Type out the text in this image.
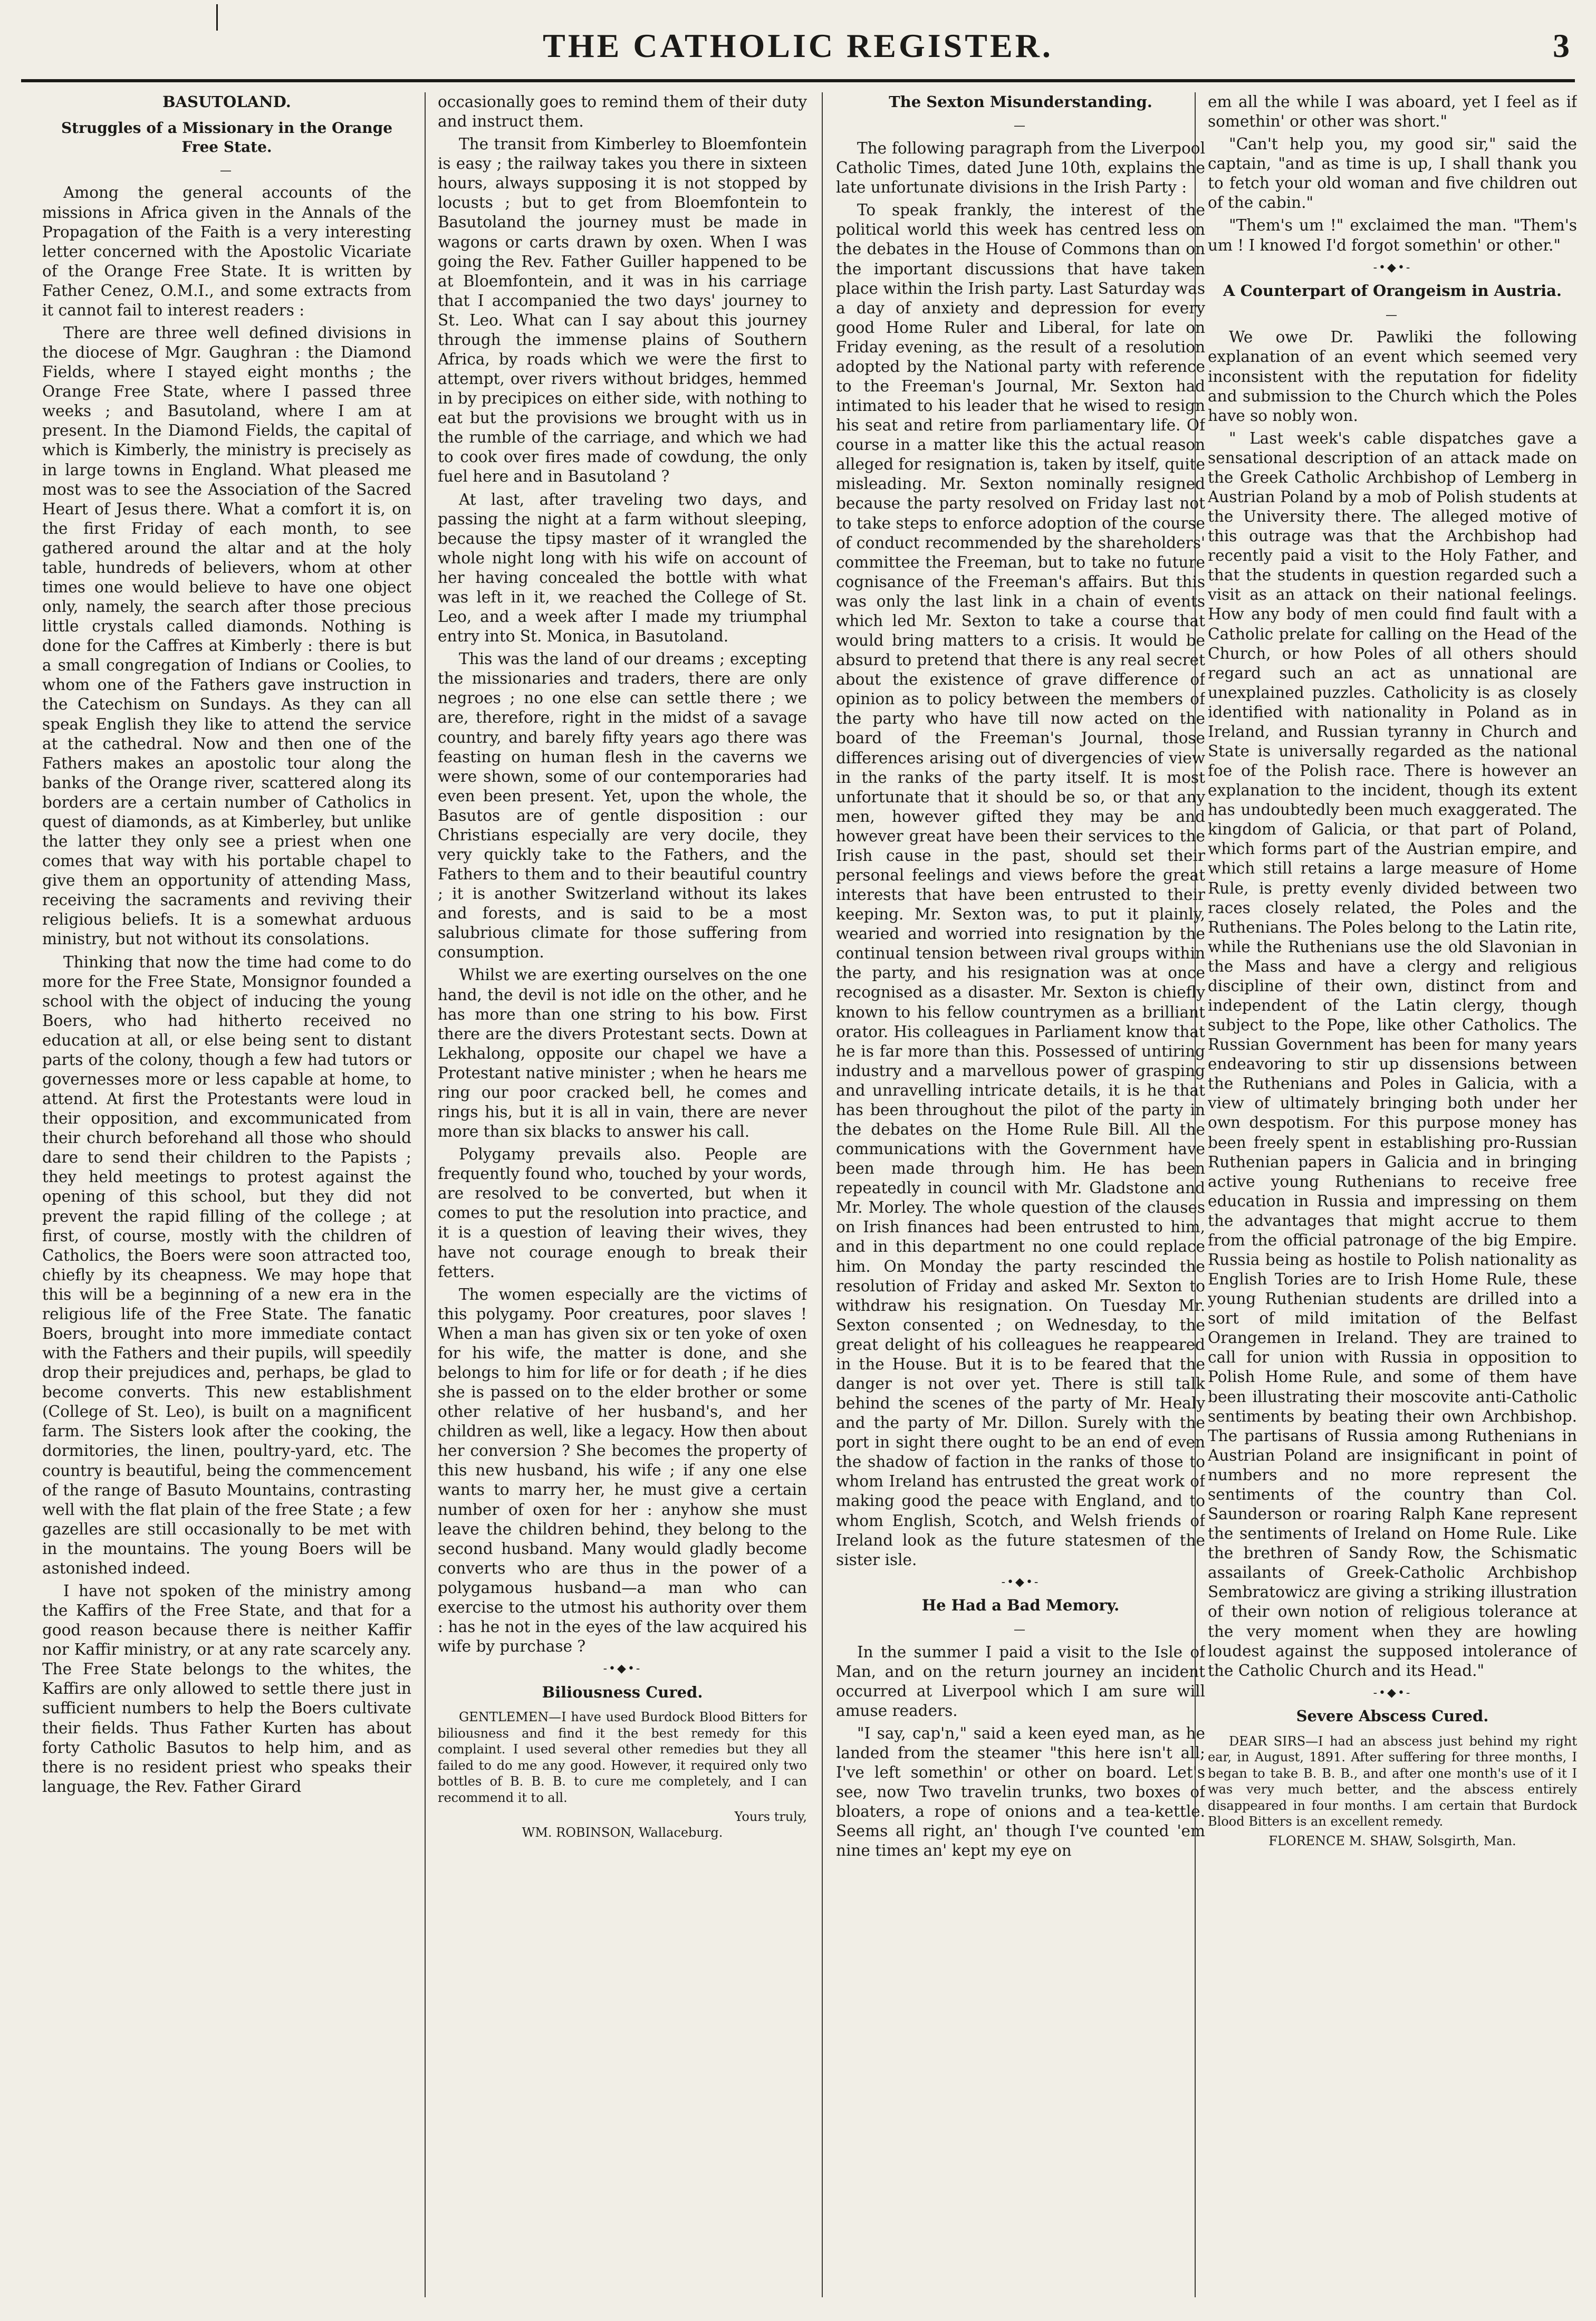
THE CATHOLIC REGISTER.	3
BASUTOLAND.
Struggles of a Missionary in the Orange Free State.
—

Among the general accounts of the missions in Africa given in the Annals of the Propagation of the Faith is a very interesting letter concerned with the Apostolic Vicariate of the Orange Free State. It is written by Father Cenez, O.M.I., and some extracts from it cannot fail to interest readers :

There are three well defined divisions in the diocese of Mgr. Gaughran : the Diamond Fields, where I stayed eight months ; the Orange Free State, where I passed three weeks ; and Basutoland, where I am at present. In the Diamond Fields, the capital of which is Kimberly, the ministry is precisely as in large towns in England. What pleased me most was to see the Association of the Sacred Heart of Jesus there. What a comfort it is, on the first Friday of each month, to see gathered around the altar and at the holy table, hundreds of believers, whom at other times one would believe to have one object only, namely, the search after those precious little crystals called diamonds. Nothing is done for the Caffres at Kimberly : there is but a small congregation of Indians or Coolies, to whom one of the Fathers gave instruction in the Catechism on Sundays. As they can all speak English they like to attend the service at the cathedral. Now and then one of the Fathers makes an apostolic tour along the banks of the Orange river, scattered along its borders are a certain number of Catholics in quest of diamonds, as at Kimberley, but unlike the latter they only see a priest when one comes that way with his portable chapel to give them an opportunity of attending Mass, receiving the sacraments and reviving their religious beliefs. It is a somewhat arduous ministry, but not without its consolations.

Thinking that now the time had come to do more for the Free State, Monsignor founded a school with the object of inducing the young Boers, who had hitherto received no education at all, or else being sent to distant parts of the colony, though a few had tutors or governesses more or less capable at home, to attend. At first the Protestants were loud in their opposition, and excommunicated from their church beforehand all those who should dare to send their children to the Papists ; they held meetings to protest against the opening of this school, but they did not prevent the rapid filling of the college ; at first, of course, mostly with the children of Catholics, the Boers were soon attracted too, chiefly by its cheapness. We may hope that this will be a beginning of a new era in the religious life of the Free State. The fanatic Boers, brought into more immediate contact with the Fathers and their pupils, will speedily drop their prejudices and, perhaps, be glad to become converts. This new establishment (College of St. Leo), is built on a magnificent farm. The Sisters look after the cooking, the dormitories, the linen, poultry-yard, etc. The country is beautiful, being the commencement of the range of Basuto Mountains, contrasting well with the flat plain of the free State ; a few gazelles are still occasionally to be met with in the mountains. The young Boers will be astonished indeed.

I have not spoken of the ministry among the Kaffirs of the Free State, and that for a good reason because there is neither Kaffir nor Kaffir ministry, or at any rate scarcely any. The Free State belongs to the whites, the Kaffirs are only allowed to settle there just in sufficient numbers to help the Boers cultivate their fields. Thus Father Kurten has about forty Catholic Basutos to help him, and as there is no resident priest who speaks their language, the Rev. Father Girard

occasionally goes to remind them of their duty and instruct them.

The transit from Kimberley to Bloemfontein is easy ; the railway takes you there in sixteen hours, always supposing it is not stopped by locusts ; but to get from Bloemfontein to Basutoland the journey must be made in wagons or carts drawn by oxen. When I was going the Rev. Father Guiller happened to be at Bloemfontein, and it was in his carriage that I accompanied the two days' journey to St. Leo. What can I say about this journey through the immense plains of Southern Africa, by roads which we were the first to attempt, over rivers without bridges, hemmed in by precipices on either side, with nothing to eat but the provisions we brought with us in the rumble of the carriage, and which we had to cook over fires made of cowdung, the only fuel here and in Basutoland ?

At last, after traveling two days, and passing the night at a farm without sleeping, because the tipsy master of it wrangled the whole night long with his wife on account of her having concealed the bottle with what was left in it, we reached the College of St. Leo, and a week after I made my triumphal entry into St. Monica, in Basutoland.

This was the land of our dreams ; excepting the missionaries and traders, there are only negroes ; no one else can settle there ; we are, therefore, right in the midst of a savage country, and barely fifty years ago there was feasting on human flesh in the caverns we were shown, some of our contemporaries had even been present. Yet, upon the whole, the Basutos are of gentle disposition : our Christians especially are very docile, they very quickly take to the Fathers, and the Fathers to them and to their beautiful country ; it is another Switzerland without its lakes and forests, and is said to be a most salubrious climate for those suffering from consumption.

Whilst we are exerting ourselves on the one hand, the devil is not idle on the other, and he has more than one string to his bow. First there are the divers Protestant sects. Down at Lekhalong, opposite our chapel we have a Protestant native minister ; when he hears me ring our poor cracked bell, he comes and rings his, but it is all in vain, there are never more than six blacks to answer his call.

Polygamy prevails also. People are frequently found who, touched by your words, are resolved to be converted, but when it comes to put the resolution into practice, and it is a question of leaving their wives, they have not courage enough to break their fetters.

The women especially are the victims of this polygamy. Poor creatures, poor slaves ! When a man has given six or ten yoke of oxen for his wife, the matter is done, and she belongs to him for life or for death ; if he dies she is passed on to the elder brother or some other relative of her husband's, and her children as well, like a legacy. How then about her conversion ? She becomes the property of this new husband, his wife ; if any one else wants to marry her, he must give a certain number of oxen for her : anyhow she must leave the children behind, they belong to the second husband. Many would gladly become converts who are thus in the power of a polygamous husband—a man who can exercise to the utmost his authority over them : has he not in the eyes of the law acquired his wife by purchase ?

-•◆•-
Biliousness Cured.

GENTLEMEN—I have used Burdock Blood Bitters for biliousness and find it the best remedy for this complaint. I used several other remedies but they all failed to do me any good. However, it required only two bottles of B. B. B. to cure me completely, and I can recommend it to all.

Yours truly,
WM. ROBINSON, Wallaceburg.
The Sexton Misunderstanding.
—

The following paragraph from the Liverpool Catholic Times, dated June 10th, explains the late unfortunate divisions in the Irish Party :

To speak frankly, the interest of the political world this week has centred less on the debates in the House of Commons than on the important discussions that have taken place within the Irish party. Last Saturday was a day of anxiety and depression for every good Home Ruler and Liberal, for late on Friday evening, as the result of a resolution adopted by the National party with reference to the Freeman's Journal, Mr. Sexton had intimated to his leader that he wised to resign his seat and retire from parliamentary life. Of course in a matter like this the actual reason alleged for resignation is, taken by itself, quite misleading. Mr. Sexton nominally resigned because the party resolved on Friday last not to take steps to enforce adoption of the course of conduct recommended by the shareholders' committee the Freeman, but to take no future cognisance of the Freeman's affairs. But this was only the last link in a chain of events which led Mr. Sexton to take a course that would bring matters to a crisis. It would be absurd to pretend that there is any real secret about the existence of grave difference of opinion as to policy between the members of the party who have till now acted on the board of the Freeman's Journal, those differences arising out of divergencies of view in the ranks of the party itself. It is most unfortunate that it should be so, or that any men, however gifted they may be and however great have been their services to the Irish cause in the past, should set their personal feelings and views before the great interests that have been entrusted to their keeping. Mr. Sexton was, to put it plainly, wearied and worried into resignation by the continual tension between rival groups within the party, and his resignation was at once recognised as a disaster. Mr. Sexton is chiefly known to his fellow countrymen as a brilliant orator. His colleagues in Parliament know that he is far more than this. Possessed of untiring industry and a marvellous power of grasping and unravelling intricate details, it is he that has been throughout the pilot of the party in the debates on the Home Rule Bill. All the communications with the Government have been made through him. He has been repeatedly in council with Mr. Gladstone and Mr. Morley. The whole question of the clauses on Irish finances had been entrusted to him, and in this department no one could replace him. On Monday the party rescinded the resolution of Friday and asked Mr. Sexton to withdraw his resignation. On Tuesday Mr. Sexton consented ; on Wednesday, to the great delight of his colleagues he reappeared in the House. But it is to be feared that the danger is not over yet. There is still talk behind the scenes of the party of Mr. Healy and the party of Mr. Dillon. Surely with the port in sight there ought to be an end of even the shadow of faction in the ranks of those to whom Ireland has entrusted the great work of making good the peace with England, and to whom English, Scotch, and Welsh friends of Ireland look as the future statesmen of the sister isle.

-•◆•-
He Had a Bad Memory.
—

In the summer I paid a visit to the Isle of Man, and on the return journey an incident occurred at Liverpool which I am sure will amuse readers.

"I say, cap'n," said a keen eyed man, as he landed from the steamer "this here isn't all; I've left somethin' or other on board. Let's see, now Two travelin trunks, two boxes of bloaters, a rope of onions and a tea-kettle. Seems all right, an' though I've counted 'em nine times an' kept my eye on

em all the while I was aboard, yet I feel as if somethin' or other was short."

"Can't help you, my good sir," said the captain, "and as time is up, I shall thank you to fetch your old woman and five children out of the cabin."

"Them's um !" exclaimed the man. "Them's um ! I knowed I'd forgot somethin' or other."

-•◆•-
A Counterpart of Orangeism in Austria.
—

We owe Dr. Pawliki the following explanation of an event which seemed very inconsistent with the reputation for fidelity and submission to the Church which the Poles have so nobly won.

" Last week's cable dispatches gave a sensational description of an attack made on the Greek Catholic Archbishop of Lemberg in Austrian Poland by a mob of Polish students at the University there. The alleged motive of this outrage was that the Archbishop had recently paid a visit to the Holy Father, and that the students in question regarded such a visit as an attack on their national feelings. How any body of men could find fault with a Catholic prelate for calling on the Head of the Church, or how Poles of all others should regard such an act as unnational are unexplained puzzles. Catholicity is as closely identified with nationality in Poland as in Ireland, and Russian tyranny in Church and State is universally regarded as the national foe of the Polish race. There is however an explanation to the incident, though its extent has undoubtedly been much exaggerated. The kingdom of Galicia, or that part of Poland, which forms part of the Austrian empire, and which still retains a large measure of Home Rule, is pretty evenly divided between two races closely related, the Poles and the Ruthenians. The Poles belong to the Latin rite, while the Ruthenians use the old Slavonian in the Mass and have a clergy and religious discipline of their own, distinct from and independent of the Latin clergy, though subject to the Pope, like other Catholics. The Russian Government has been for many years endeavoring to stir up dissensions between the Ruthenians and Poles in Galicia, with a view of ultimately bringing both under her own despotism. For this purpose money has been freely spent in establishing pro-Russian Ruthenian papers in Galicia and in bringing active young Ruthenians to receive free education in Russia and impressing on them the advantages that might accrue to them from the official patronage of the big Empire. Russia being as hostile to Polish nationality as English Tories are to Irish Home Rule, these young Ruthenian students are drilled into a sort of mild imitation of the Belfast Orangemen in Ireland. They are trained to call for union with Russia in opposition to Polish Home Rule, and some of them have been illustrating their moscovite anti-Catholic sentiments by beating their own Archbishop. The partisans of Russia among Ruthenians in Austrian Poland are insignificant in point of numbers and no more represent the sentiments of the country than Col. Saunderson or roaring Ralph Kane represent the sentiments of Ireland on Home Rule. Like the brethren of Sandy Row, the Schismatic assailants of Greek-Catholic Archbishop Sembratowicz are giving a striking illustration of their own notion of religious tolerance at the very moment when they are howling loudest against the supposed intolerance of the Catholic Church and its Head."

-•◆•-
Severe Abscess Cured.

DEAR SIRS—I had an abscess just behind my right ear, in August, 1891. After suffering for three months, I began to take B. B. B., and after one month's use of it I was very much better, and the abscess entirely disappeared in four months. I am certain that Burdock Blood Bitters is an excellent remedy.

FLORENCE M. SHAW, Solsgirth, Man.
